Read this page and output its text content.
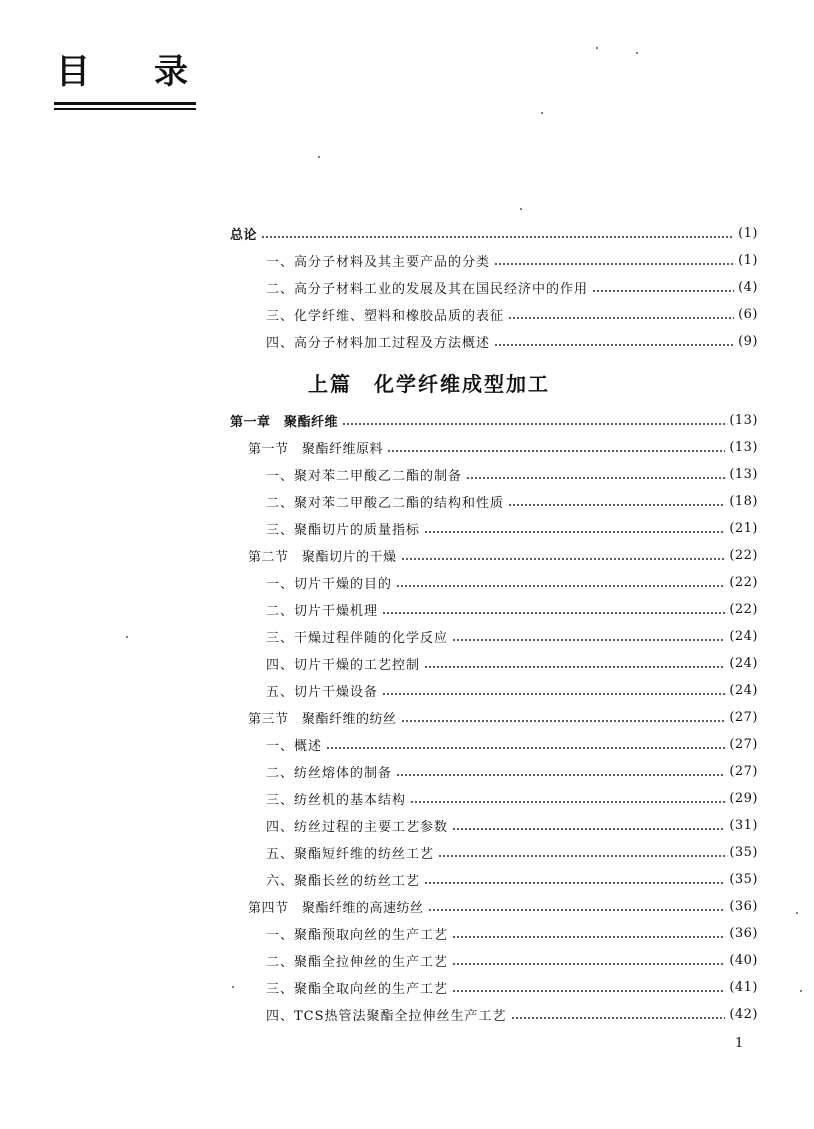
目 录
总论	(1)
一、高分子材料及其主要产品的分类	(1)
二、高分子材料工业的发展及其在国民经济中的作用	(4)
三、化学纤维、塑料和橡胶品质的表征	(6)
四、高分子材料加工过程及方法概述	(9)
上篇　化学纤维成型加工
第一章　聚酯纤维	(13)
第一节　聚酯纤维原料	(13)
一、聚对苯二甲酸乙二酯的制备	(13)
二、聚对苯二甲酸乙二酯的结构和性质	(18)
三、聚酯切片的质量指标	(21)
第二节　聚酯切片的干燥	(22)
一、切片干燥的目的	(22)
二、切片干燥机理	(22)
三、干燥过程伴随的化学反应	(24)
四、切片干燥的工艺控制	(24)
五、切片干燥设备	(24)
第三节　聚酯纤维的纺丝	(27)
一、概述	(27)
二、纺丝熔体的制备	(27)
三、纺丝机的基本结构	(29)
四、纺丝过程的主要工艺参数	(31)
五、聚酯短纤维的纺丝工艺	(35)
六、聚酯长丝的纺丝工艺	(35)
第四节　聚酯纤维的高速纺丝	(36)
一、聚酯预取向丝的生产工艺	(36)
二、聚酯全拉伸丝的生产工艺	(40)
三、聚酯全取向丝的生产工艺	(41)
四、TCS热管法聚酯全拉伸丝生产工艺	(42)
1
